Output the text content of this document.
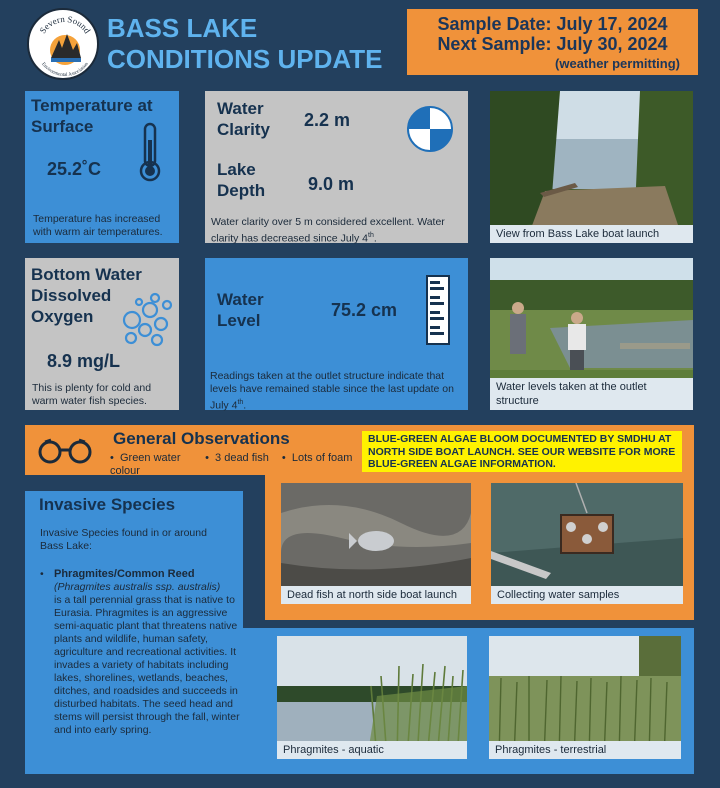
Severn Sound
Environmental Association
BASS LAKE
CONDITIONS UPDATE
Sample Date: July 17, 2024
Next Sample: July 30, 2024
(weather permitting)
Temperature at
Surface
25.2˚C
Temperature has increased with warm air temperatures.
Water
Clarity 2.2 m
Lake
Depth 9.0 m
Water clarity over 5 m considered excellent. Water clarity has decreased since July 4th.	View from Bass Lake boat launch
Bottom Water
Dissolved
Oxygen
8.9 mg/L
This is plenty for cold and warm water fish species.
Water
Level
75.2 cm
Readings taken at the outlet structure indicate that levels have remained stable since the last update on July 4th.
Water levels taken at the outlet structure
General Observations
•  Green water colour •  3 dead fish •  Lots of foam
BLUE-GREEN ALGAE BLOOM DOCUMENTED BY SMDHU AT NORTH SIDE BOAT LAUNCH. SEE OUR WEBSITE FOR MORE BLUE-GREEN ALGAE INFORMATION.
Dead fish at north side boat launch	Collecting water samples
Invasive Species
Invasive Species found in or around Bass Lake:
• Phragmites/Common Reed
(Phragmites australis ssp. australis)
is a tall perennial grass that is native to Eurasia. Phragmites is an aggressive semi-aquatic plant that threatens native plants and wildlife, human safety, agriculture and recreational activities. It invades a variety of habitats including lakes, shorelines, wetlands, beaches, ditches, and roadsides and succeeds in disturbed habitats. The seed head and stems will persist through the fall, winter and into early spring.
Phragmites - aquatic	Phragmites - terrestrial
